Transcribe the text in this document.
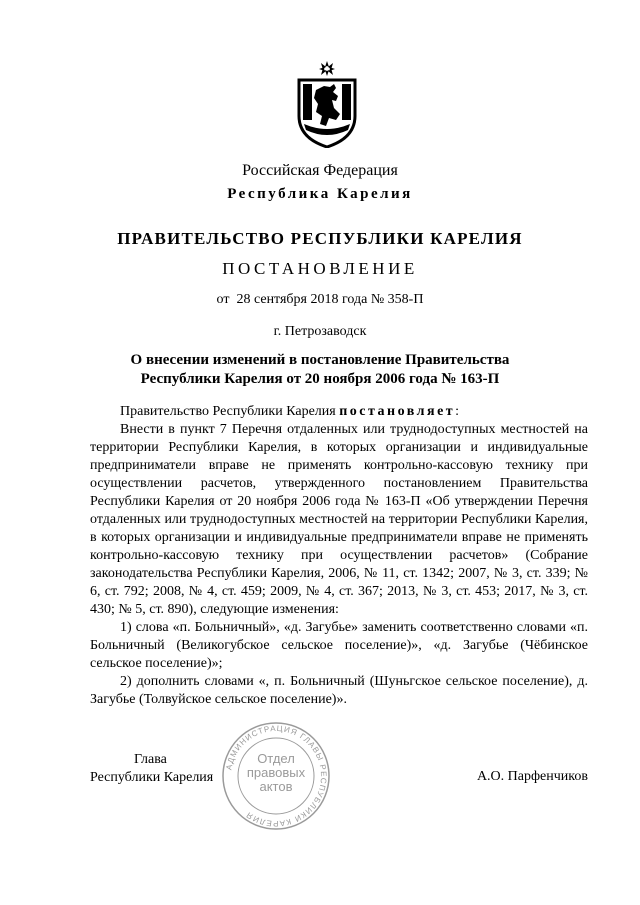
Российская Федерация
Республика Карелия
ПРАВИТЕЛЬСТВО РЕСПУБЛИКИ КАРЕЛИЯ
ПОСТАНОВЛЕНИЕ
от  28 сентября 2018 года № 358-П
г. Петрозаводск
О внесении изменений в постановление Правительства
Республики Карелия от 20 ноября 2006 года № 163-П

Правительство Республики Карелия постановляет:

Внести в пункт 7 Перечня отдаленных или труднодоступных местностей на территории Республики Карелия, в которых организации и индивидуальные предприниматели вправе не применять контрольно-кассовую технику при осуществлении расчетов, утвержденного постановлением Правительства Республики Карелия от 20 ноября 2006 года № 163-П «Об утверждении Перечня отдаленных или труднодоступных местностей на территории Республики Карелия, в которых организации и индивидуальные предприниматели вправе не применять контрольно-кассовую технику при осуществлении расчетов» (Собрание законодательства Республики Карелия, 2006, № 11, ст. 1342; 2007, № 3, ст. 339; № 6, ст. 792; 2008, № 4, ст. 459; 2009, № 4, ст. 367; 2013, № 3, ст. 453; 2017, № 3, ст. 430; № 5, ст. 890), следующие изменения:

1) слова «п. Больничный», «д. Загубье» заменить соответственно словами «п. Больничный (Великогубское сельское поселение)», «д. Загубье (Чёбинское сельское поселение)»;

2) дополнить словами «, п. Больничный (Шуньгское сельское поселение), д. Загубье (Толвуйское сельское поселение)».

Глава
Республики Карелия	А.О. Парфенчиков
АДМИНИСТРАЦИЯ ГЛАВЫ РЕСПУБЛИКИ КАРЕЛИЯ
Отдел
правовых
актов
